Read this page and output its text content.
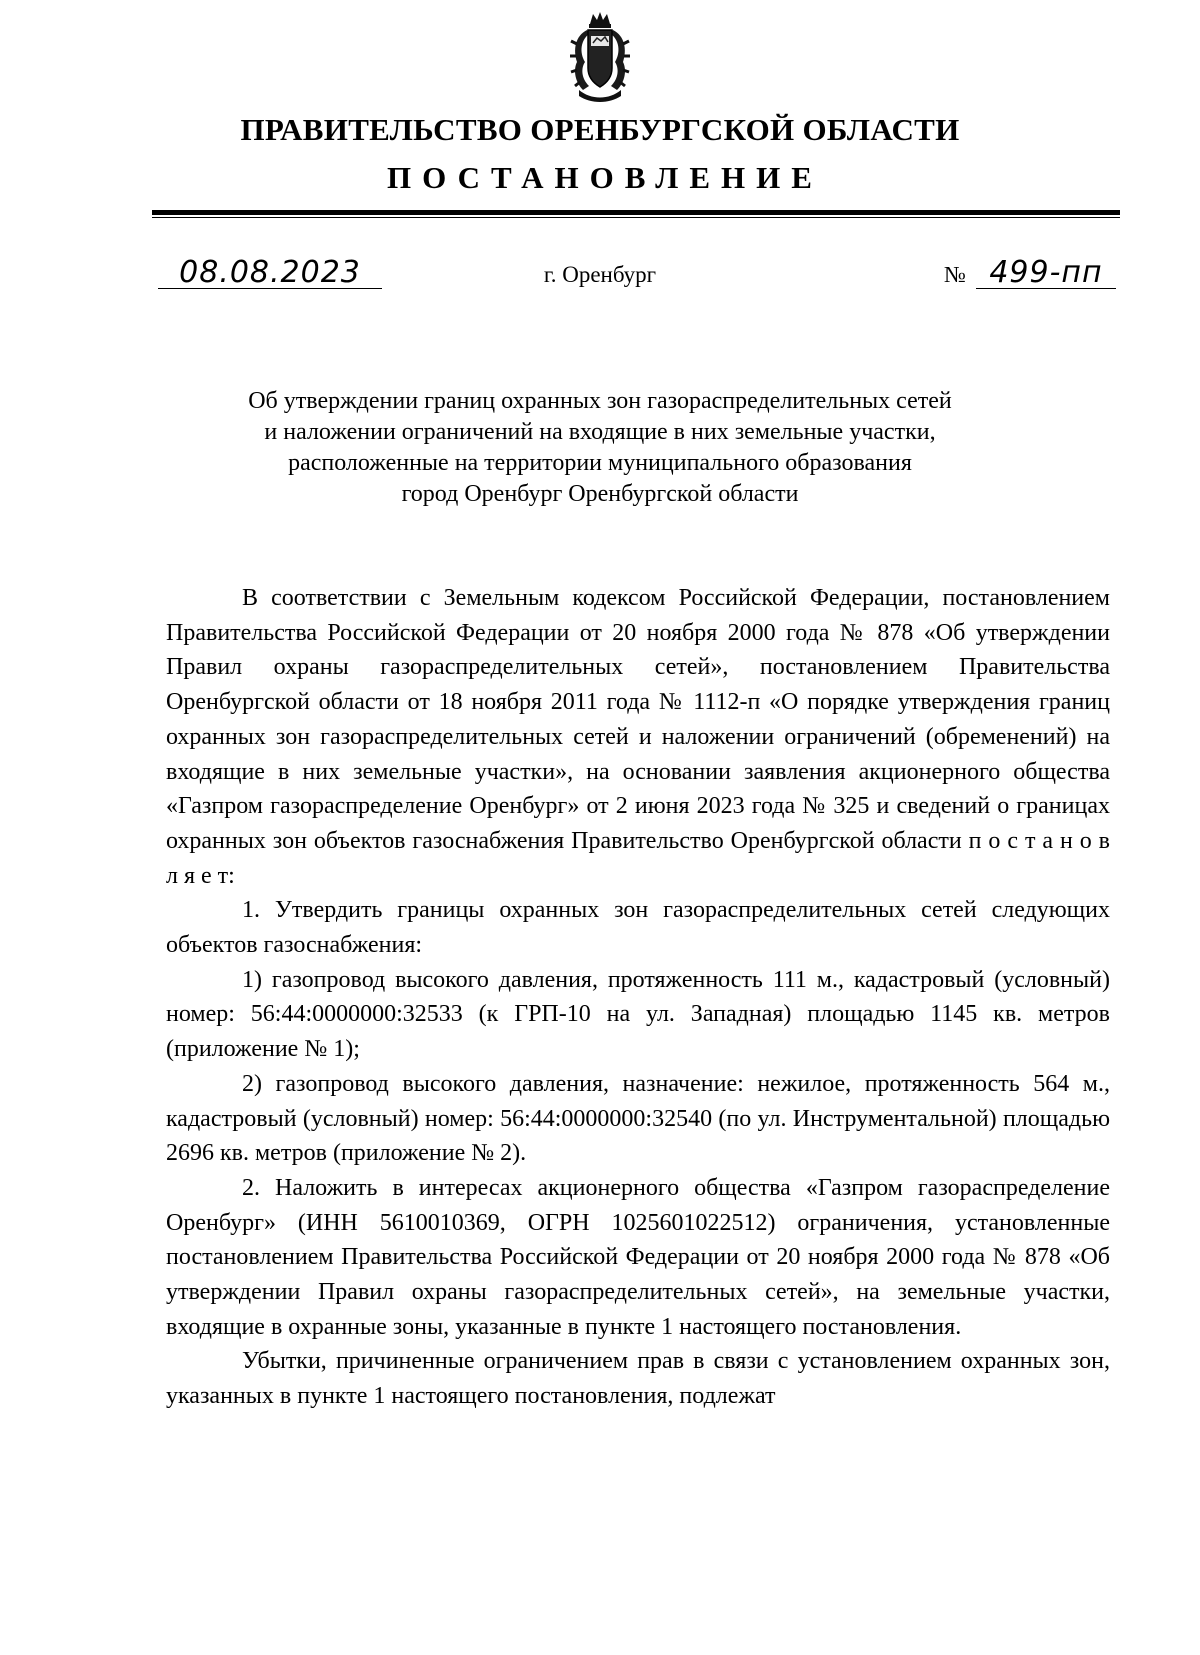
ПРАВИТЕЛЬСТВО ОРЕНБУРГСКОЙ ОБЛАСТИ
ПОСТАНОВЛЕНИЕ
08.08.2023	г. Оренбург	№ 499-пп
Об утверждении границ охранных зон газораспределительных сетей
и наложении ограничений на входящие в них земельные участки,
расположенные на территории муниципального образования
город Оренбург Оренбургской области

В соответствии с Земельным кодексом Российской Федерации, постановлением Правительства Российской Федерации от 20 ноября 2000 года № 878 «Об утверждении Правил охраны газораспределительных сетей», постановлением Правительства Оренбургской области от 18 ноября 2011 года № 1112-п «О порядке утверждения границ охранных зон газораспределительных сетей и наложении ограничений (обременений) на входящие в них земельные участки», на основании заявления акционерного общества «Газпром газораспределение Оренбург» от 2 июня 2023 года № 325 и сведений о границах охранных зон объектов газоснабжения Правительство Оренбургской области п о с т а н о в л я е т:

1. Утвердить границы охранных зон газораспределительных сетей следующих объектов газоснабжения:

1) газопровод высокого давления, протяженность 111 м., кадастровый (условный) номер: 56:44:0000000:32533 (к ГРП-10 на ул. Западная) площадью 1145 кв. метров (приложение № 1);

2) газопровод высокого давления, назначение: нежилое, протяженность 564 м., кадастровый (условный) номер: 56:44:0000000:32540 (по ул. Инструментальной) площадью 2696 кв. метров (приложение № 2).

2. Наложить в интересах акционерного общества «Газпром газораспределение Оренбург» (ИНН 5610010369, ОГРН 1025601022512) ограничения, установленные постановлением Правительства Российской Федерации от 20 ноября 2000 года № 878 «Об утверждении Правил охраны газораспределительных сетей», на земельные участки, входящие в охранные зоны, указанные в пункте 1 настоящего постановления.

Убытки, причиненные ограничением прав в связи с установлением охранных зон, указанных в пункте 1 настоящего постановления, подлежат
